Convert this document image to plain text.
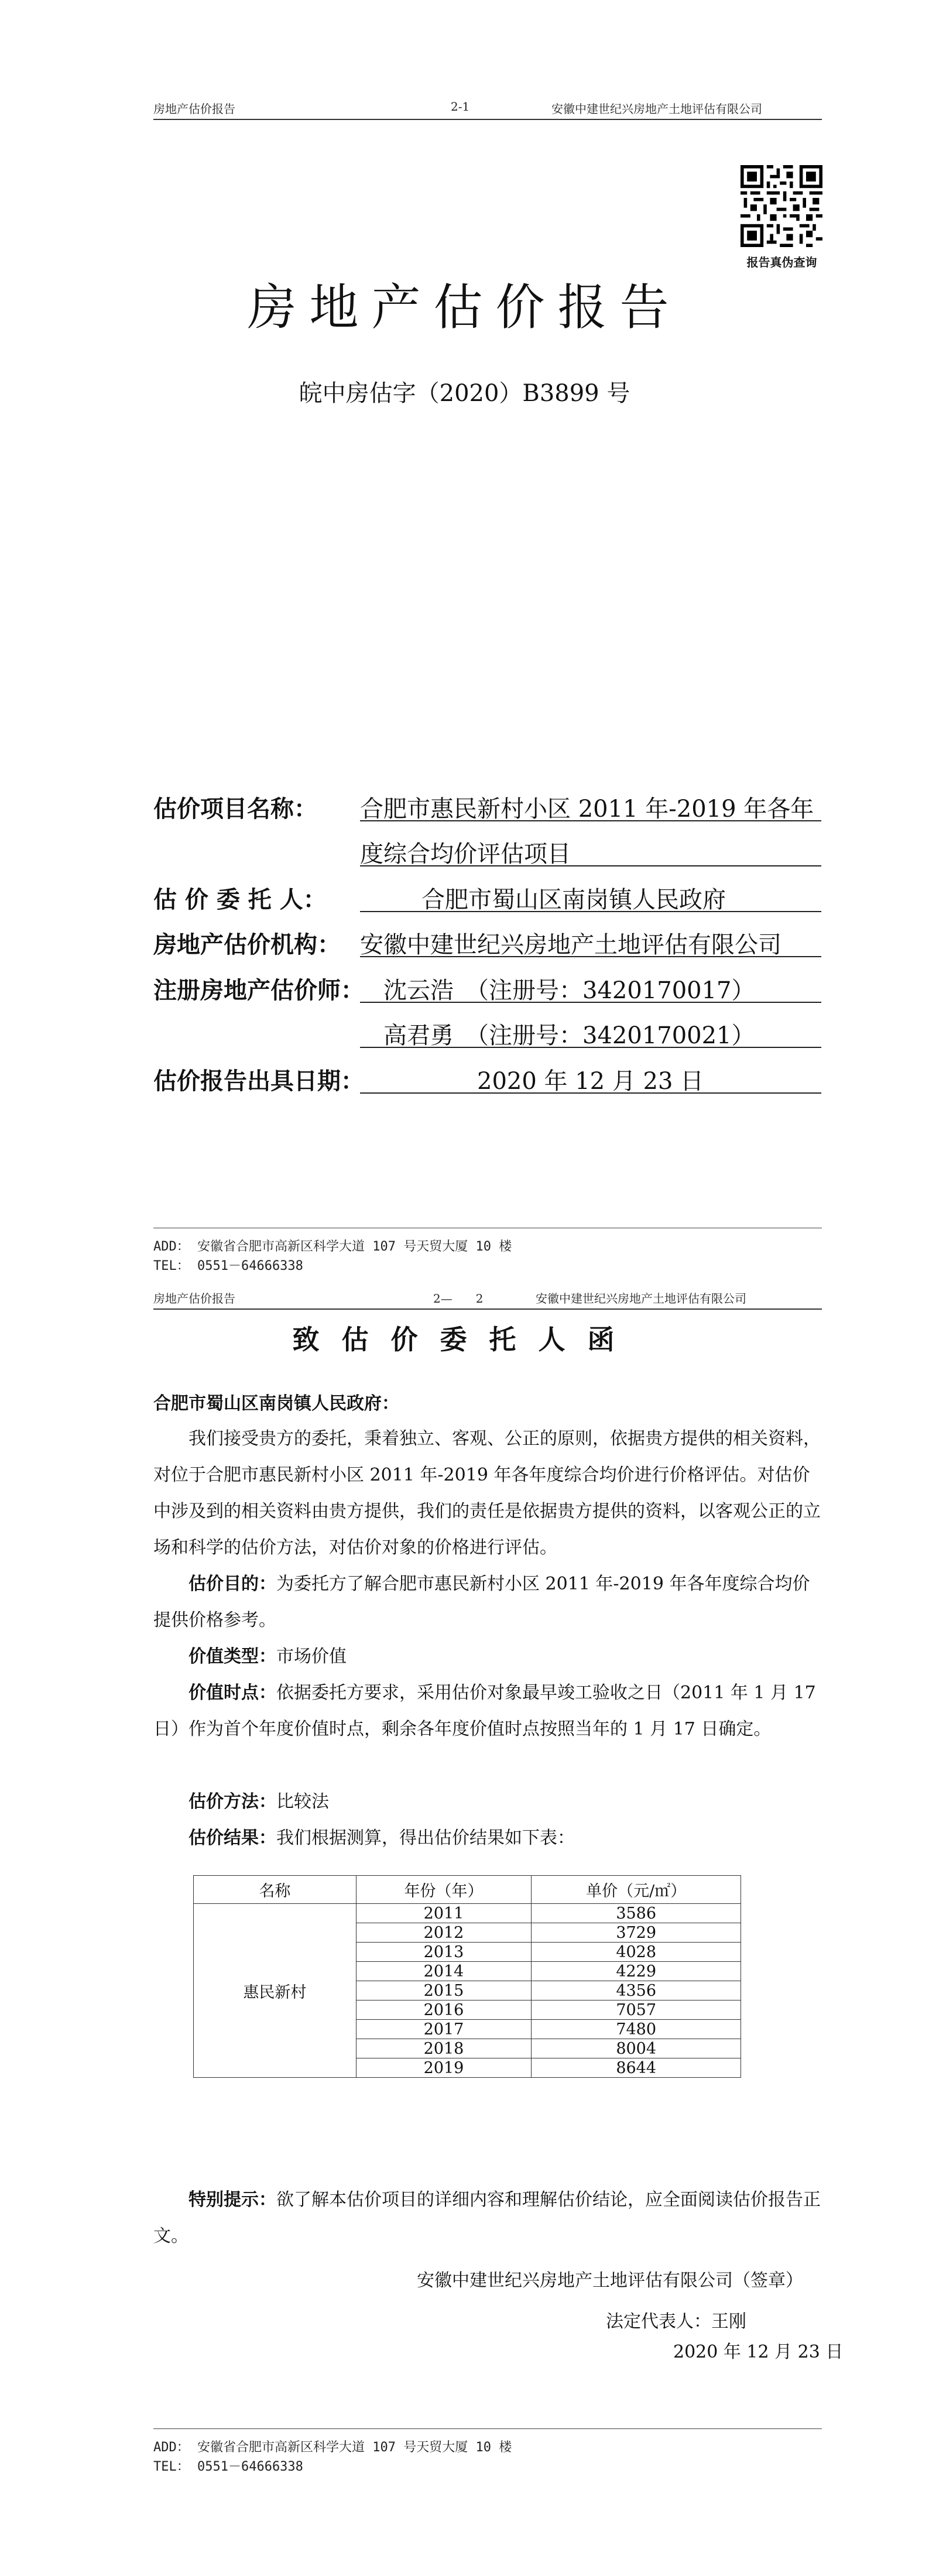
房地产估价报告	2-1	安徽中建世纪兴房地产土地评估有限公司
报告真伪查询
房地产估价报告
皖中房估字（2020）B3899 号
估价项目名称： 合肥市惠民新村小区 2011 年-2019 年各年
度综合均价评估项目
估 价 委 托 人：	合肥市蜀山区南岗镇人民政府
房地产估价机构： 安徽中建世纪兴房地产土地评估有限公司
注册房地产估价师： 沈云浩　（注册号：3420170017）
高君勇　（注册号：3420170021）
估价报告出具日期：	2020 年 12 月 23 日
ADD： 安徽省合肥市高新区科学大道 107 号天贸大厦 10 楼
TEL： 0551－64666338
房地产估价报告	2—　　2	安徽中建世纪兴房地产土地评估有限公司
致估价委托人函
合肥市蜀山区南岗镇人民政府：
我们接受贵方的委托，秉着独立、客观、公正的原则，依据贵方提供的相关资料，对位于合肥市惠民新村小区 2011 年-2019 年各年度综合均价进行价格评估。对估价中涉及到的相关资料由贵方提供，我们的责任是依据贵方提供的资料，以客观公正的立场和科学的估价方法，对估价对象的价格进行评估。
估价目的：为委托方了解合肥市惠民新村小区 2011 年-2019 年各年度综合均价提供价格参考。
价值类型：市场价值
价值时点：依据委托方要求，采用估价对象最早竣工验收之日（2011 年 1 月 17 日）作为首个年度价值时点，剩余各年度价值时点按照当年的 1 月 17 日确定。
估价方法：比较法
估价结果：我们根据测算，得出估价结果如下表：
名称	年份（年）	单价（元/㎡）
惠民新村	2011	3586
	2012	3729
	2013	4028
	2014	4229
	2015	4356
	2016	7057
	2017	7480
	2018	8004
	2019	8644
特别提示：欲了解本估价项目的详细内容和理解估价结论，应全面阅读估价报告正文。
安徽中建世纪兴房地产土地评估有限公司（签章）
法定代表人：王刚
2020 年 12 月 23 日
ADD： 安徽省合肥市高新区科学大道 107 号天贸大厦 10 楼
TEL： 0551－64666338
